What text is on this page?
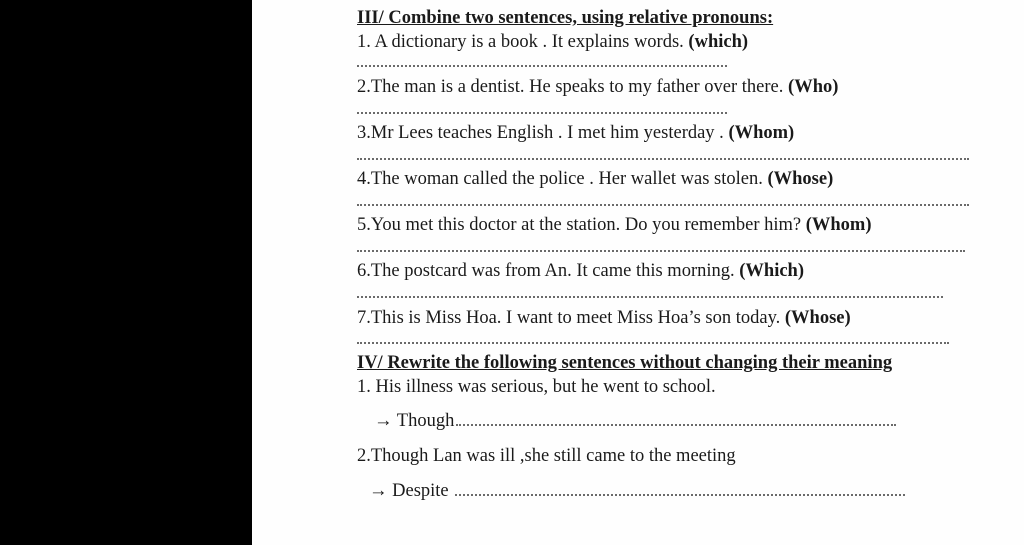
III/ Combine two sentences, using relative pronouns:
1. A dictionary is a book . It explains words. (which)
2.The man is a dentist. He speaks to my father over there. (Who)
3.Mr Lees teaches English . I met him yesterday . (Whom)
4.The woman called the police . Her wallet was stolen. (Whose)
5.You met this doctor at the station. Do you remember him? (Whom)
6.The postcard was from An. It came this morning. (Which)
7.This is Miss Hoa. I want to meet Miss Hoa’s son today. (Whose)
IV/ Rewrite the following sentences without changing their meaning
1. His illness was serious, but he went to school.
→ Though
2.Though Lan was ill ,she still came to the meeting
→ Despite
